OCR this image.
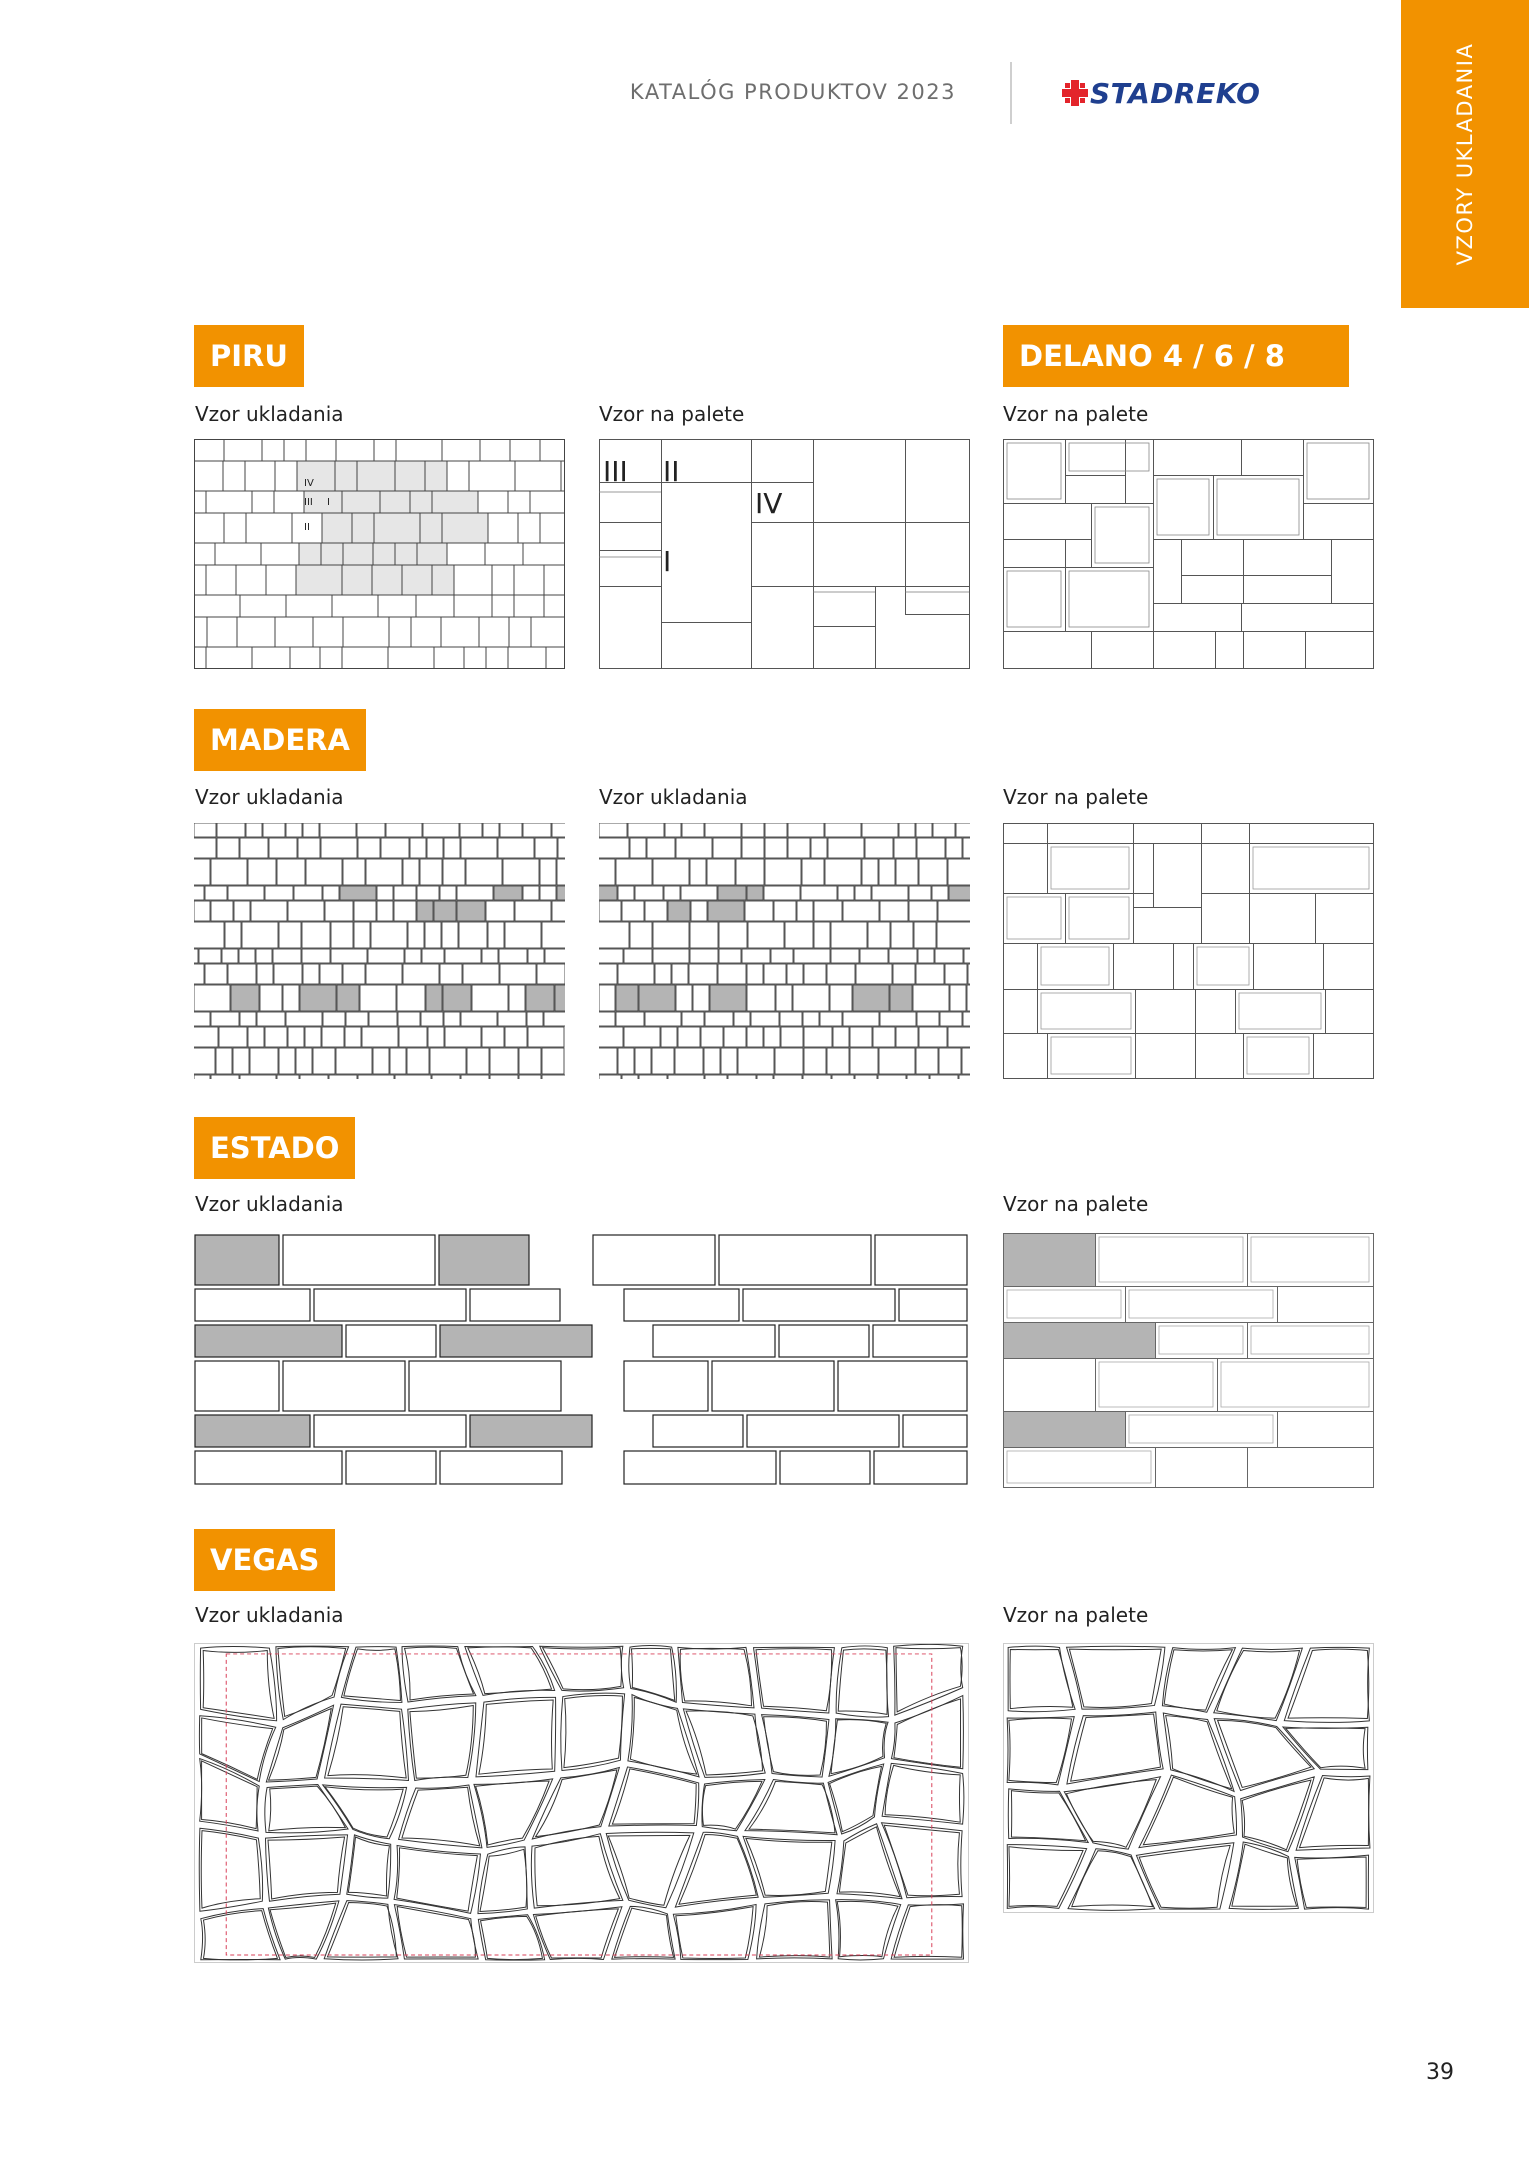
VZORY UKLADANIA
KATALÓG PRODUKTOV 2023	STADREKO
PIRU
Vzor ukladania	Vzor na palete
IV
III I
II
III II
IV
I
DELANO 4 / 6 / 8
Vzor na palete
MADERA
Vzor ukladania	Vzor ukladania	Vzor na palete
ESTADO
Vzor ukladania	Vzor na palete
VEGAS
Vzor ukladania	Vzor na palete
39
